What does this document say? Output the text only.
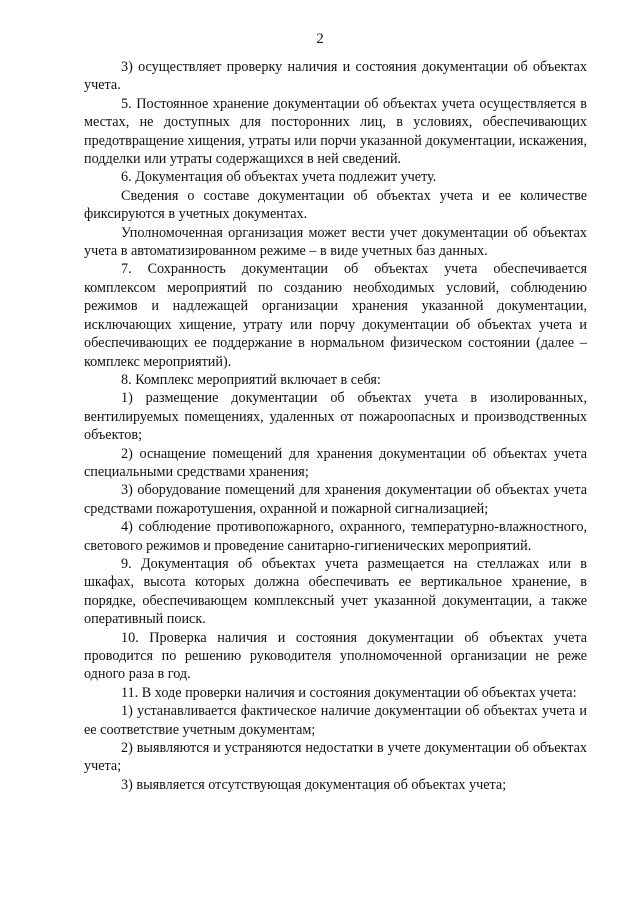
2

3) осуществляет проверку наличия и состояния документации об объектах учета.

5. Постоянное хранение документации об объектах учета осуществляется в местах, не доступных для посторонних лиц, в условиях, обеспечивающих предотвращение хищения, утраты или порчи указанной документации, искажения, подделки или утраты содержащихся в ней сведений.

6. Документация об объектах учета подлежит учету.

Сведения о составе документации об объектах учета и ее количестве фиксируются в учетных документах.

Уполномоченная организация может вести учет документации об объектах учета в автоматизированном режиме – в виде учетных баз данных.

7. Сохранность документации об объектах учета обеспечивается комплексом мероприятий по созданию необходимых условий, соблюдению режимов и надлежащей организации хранения указанной документации, исключающих хищение, утрату или порчу документации об объектах учета и обеспечивающих ее поддержание в нормальном физическом состоянии (далее – комплекс мероприятий).

8. Комплекс мероприятий включает в себя:

1) размещение документации об объектах учета в изолированных, вентилируемых помещениях, удаленных от пожароопасных и производственных объектов;

2) оснащение помещений для хранения документации об объектах учета специальными средствами хранения;

3) оборудование помещений для хранения документации об объектах учета средствами пожаротушения, охранной и пожарной сигнализацией;

4) соблюдение противопожарного, охранного, температурно-влажностного, светового режимов и проведение санитарно-гигиенических мероприятий.

9. Документация об объектах учета размещается на стеллажах или в шкафах, высота которых должна обеспечивать ее вертикальное хранение, в порядке, обеспечивающем комплексный учет указанной документации, а также оперативный поиск.

10. Проверка наличия и состояния документации об объектах учета проводится по решению руководителя уполномоченной организации не реже одного раза в год.

11. В ходе проверки наличия и состояния документации об объектах учета:

1) устанавливается фактическое наличие документации об объектах учета и ее соответствие учетным документам;

2) выявляются и устраняются недостатки в учете документации об объектах учета;

3) выявляется отсутствующая документация об объектах учета;
